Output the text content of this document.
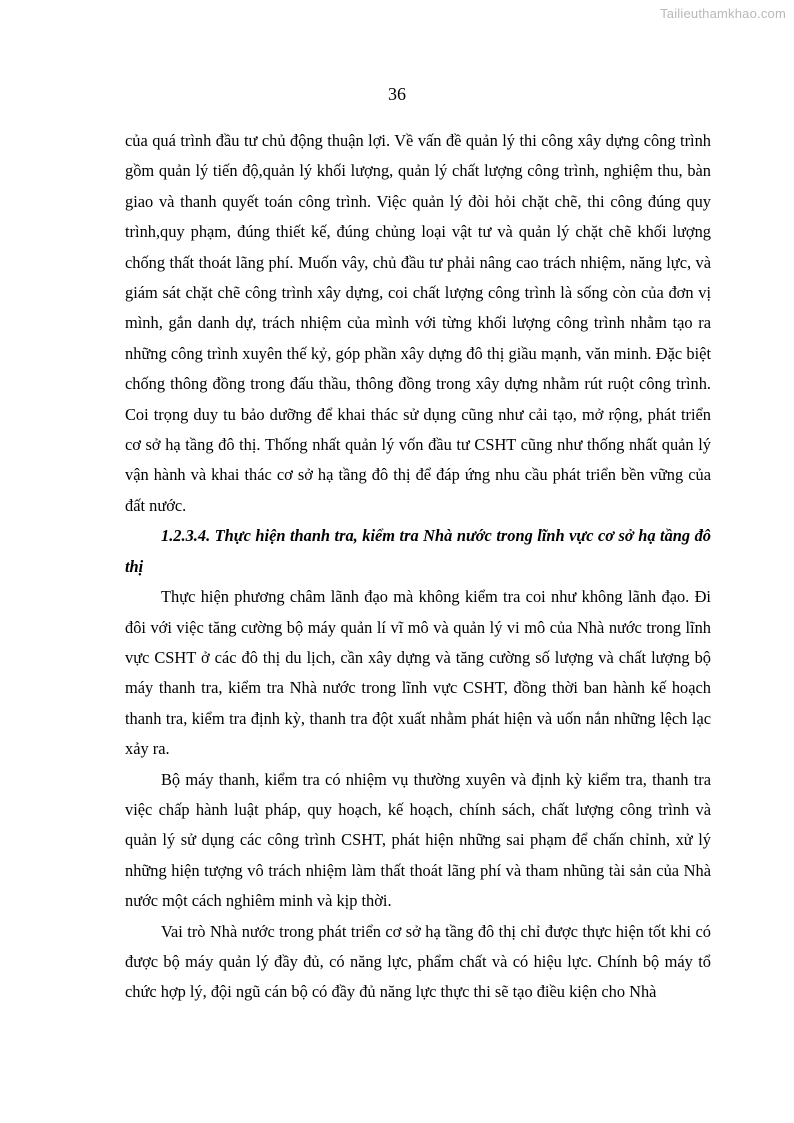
Tailieuthamkhao.com
36

của quá trình đầu tư chủ động thuận lợi. Về vấn đề quản lý thi công xây dựng công trình gồm quản lý tiến độ,quản lý khối lượng, quản lý chất lượng công trình, nghiệm thu, bàn giao và thanh quyết toán công trình. Việc quản lý đòi hỏi chặt chẽ, thi công đúng quy trình,quy phạm, đúng thiết kế, đúng chủng loại vật tư và quản lý chặt chẽ khối lượng chống thất thoát lãng phí. Muốn vây, chủ đầu tư phải nâng cao trách nhiệm, năng lực, và giám sát chặt chẽ công trình xây dựng, coi chất lượng công trình là sống còn của đơn vị mình, gắn danh dự, trách nhiệm của mình với từng khối lượng công trình nhằm tạo ra những công trình xuyên thế kỷ, góp phần xây dựng đô thị giầu mạnh, văn minh. Đặc biệt chống thông đồng trong đấu thầu, thông đồng trong xây dựng nhằm rút ruột công trình. Coi trọng duy tu bảo dưỡng để khai thác sử dụng cũng như cải tạo, mở rộng, phát triển cơ sở hạ tầng đô thị. Thống nhất quản lý vốn đầu tư CSHT cũng như thống nhất quản lý vận hành và khai thác cơ sở hạ tầng đô thị để đáp ứng nhu cầu phát triển bền vững của đất nước.

1.2.3.4. Thực hiện thanh tra, kiểm tra Nhà nước trong lĩnh vực cơ sở hạ tầng đô thị

Thực hiện phương châm lãnh đạo mà không kiểm tra coi như không lãnh đạo. Đi đôi với việc tăng cường bộ máy quản lí vĩ mô và quản lý vi mô của Nhà nước trong lĩnh vực CSHT ở các đô thị du lịch, cần xây dựng và tăng cường số lượng và chất lượng bộ máy thanh tra, kiểm tra Nhà nước trong lĩnh vực CSHT, đồng thời ban hành kế hoạch thanh tra, kiểm tra định kỳ, thanh tra đột xuất nhằm phát hiện và uốn nắn những lệch lạc xảy ra.

Bộ máy thanh, kiểm tra có nhiệm vụ thường xuyên và định kỳ kiểm tra, thanh tra việc chấp hành luật pháp, quy hoạch, kế hoạch, chính sách, chất lượng công trình và quản lý sử dụng các công trình CSHT, phát hiện những sai phạm để chấn chỉnh, xử lý những hiện tượng vô trách nhiệm làm thất thoát lãng phí và tham nhũng tài sản của Nhà nước một cách nghiêm minh và kịp thời.

Vai trò Nhà nước trong phát triển cơ sở hạ tầng đô thị chỉ được thực hiện tốt khi có được bộ máy quản lý đầy đủ, có năng lực, phẩm chất và có hiệu lực. Chính bộ máy tổ chức hợp lý, đội ngũ cán bộ có đầy đủ năng lực thực thi sẽ tạo điều kiện cho Nhà
